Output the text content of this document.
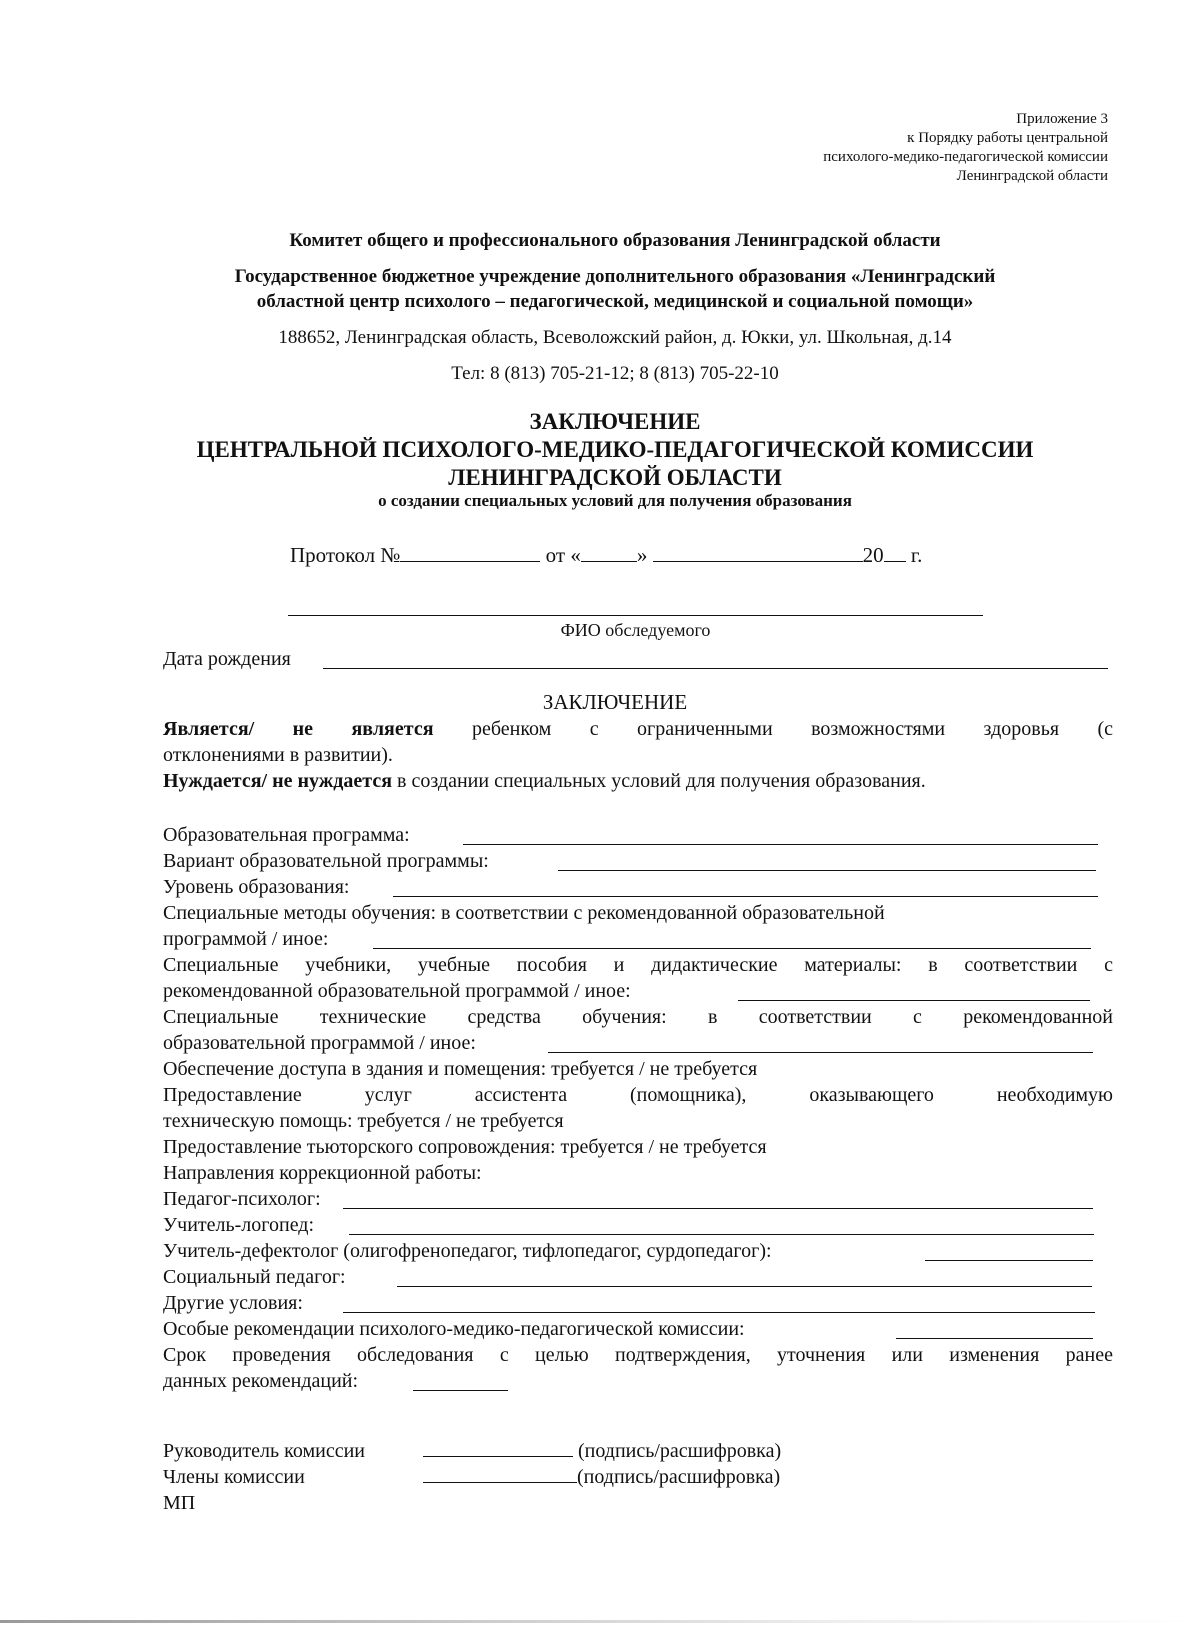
Приложение 3
к Порядку работы центральной
психолого-медико-педагогической комиссии
Ленинградской области
Комитет общего и профессионального образования Ленинградской области
Государственное бюджетное учреждение дополнительного образования «Ленинградский
областной центр психолого – педагогической, медицинской и социальной помощи»
188652, Ленинградская область, Всеволожский район, д. Юкки, ул. Школьная, д.14
Тел: 8 (813) 705-21-12; 8 (813) 705-22-10
ЗАКЛЮЧЕНИЕ
ЦЕНТРАЛЬНОЙ ПСИХОЛОГО-МЕДИКО-ПЕДАГОГИЧЕСКОЙ КОМИССИИ
ЛЕНИНГРАДСКОЙ ОБЛАСТИ
о создании специальных условий для получения образования
Протокол №	от «	»	20 г.
ФИО обследуемого
Дата рождения
ЗАКЛЮЧЕНИЕ
Является/ не является ребенком с ограниченными возможностями здоровья (с
отклонениями в развитии).
Нуждается/ не нуждается в создании специальных условий для получения образования.
Образовательная программа:
Вариант образовательной программы:
Уровень образования:
Специальные методы обучения: в соответствии с рекомендованной образовательной
программой / иное:
Специальные учебники, учебные пособия и дидактические материалы: в соответствии с
рекомендованной образовательной программой / иное:
Специальные технические средства обучения: в соответствии с рекомендованной
образовательной программой / иное:
Обеспечение доступа в здания и помещения: требуется / не требуется
Предоставление услуг ассистента (помощника), оказывающего необходимую
техническую помощь: требуется / не требуется
Предоставление тьюторского сопровождения: требуется / не требуется
Направления коррекционной работы:
Педагог-психолог:
Учитель-логопед:
Учитель-дефектолог (олигофренопедагог, тифлопедагог, сурдопедагог):
Социальный педагог:
Другие условия:
Особые рекомендации психолого-медико-педагогической комиссии:
Срок проведения обследования с целью подтверждения, уточнения или изменения ранее
данных рекомендаций:
Руководитель комиссии	(подпись/расшифровка)
Члены комиссии	(подпись/расшифровка)
МП
